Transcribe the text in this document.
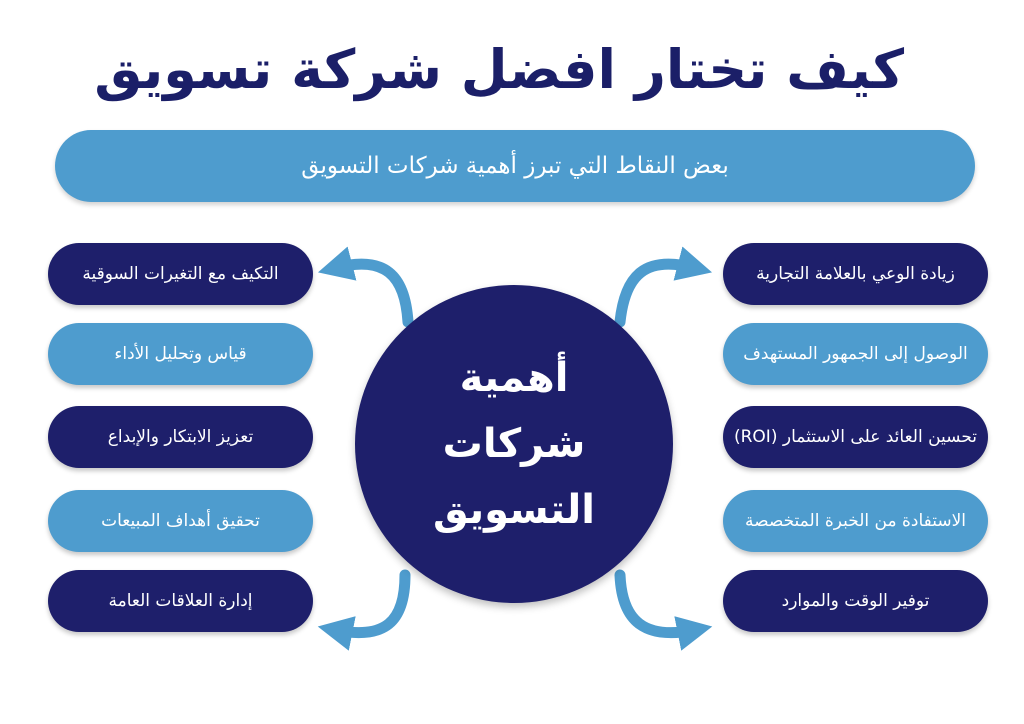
كيف تختار افضل شركة تسويق
بعض النقاط التي تبرز أهمية شركات التسويق
التكيف مع التغيرات السوقية
قياس وتحليل الأداء
تعزيز الابتكار والإبداع
تحقيق أهداف المبيعات
إدارة العلاقات العامة
زيادة الوعي بالعلامة التجارية
الوصول إلى الجمهور المستهدف
تحسين العائد على الاستثمار (ROI)
الاستفادة من الخبرة المتخصصة
توفير الوقت والموارد
أهمية
شركات
التسويق
